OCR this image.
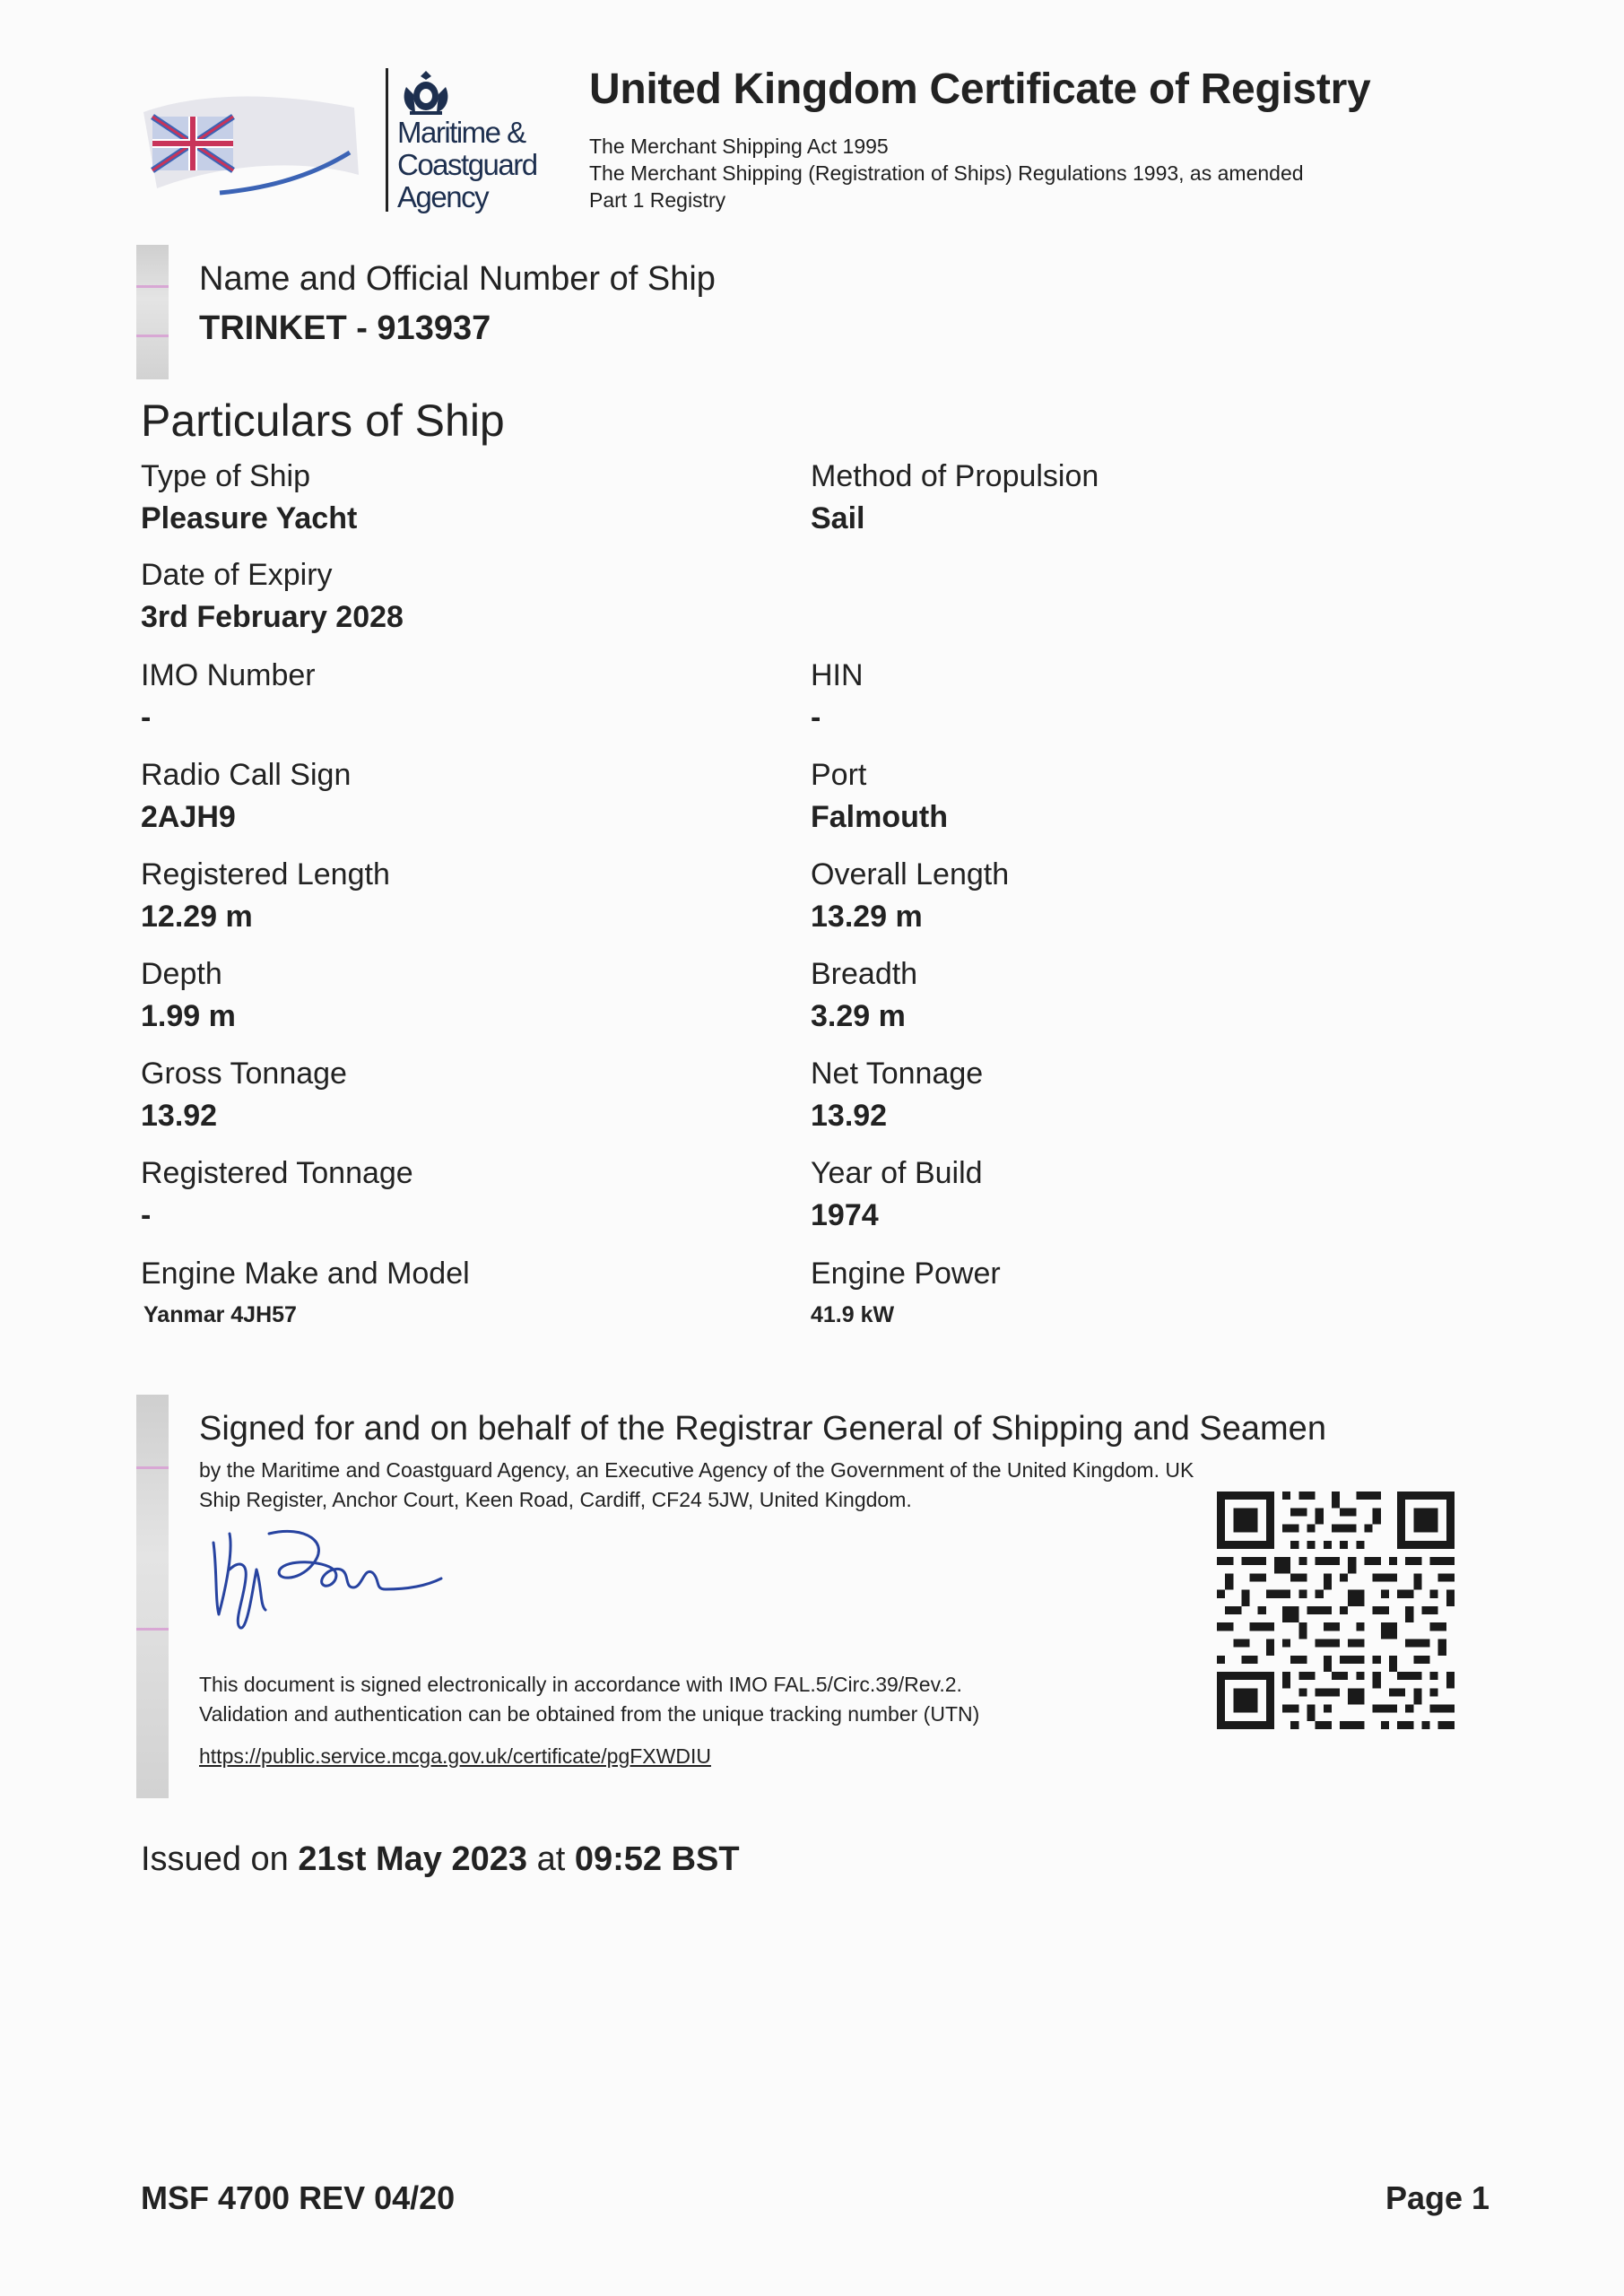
Maritime &
Coastguard
Agency
United Kingdom Certificate of Registry
The Merchant Shipping Act 1995
The Merchant Shipping (Registration of Ships) Regulations 1993, as amended
Part 1 Registry
Name and Official Number of Ship
TRINKET - 913937
Particulars of Ship
Type of Ship
Pleasure Yacht
Method of Propulsion
Sail
Date of Expiry
3rd February 2028
IMO Number
-
HIN
-
Radio Call Sign
2AJH9
Port
Falmouth
Registered Length
12.29 m
Overall Length
13.29 m
Depth
1.99 m
Breadth
3.29 m
Gross Tonnage
13.92
Net Tonnage
13.92
Registered Tonnage
-
Year of Build
1974
Engine Make and Model
Yanmar 4JH57
Engine Power
41.9 kW
Signed for and on behalf of the Registrar General of Shipping and Seamen
by the Maritime and Coastguard Agency, an Executive Agency of the Government of the United Kingdom. UK Ship Register, Anchor Court, Keen Road, Cardiff, CF24 5JW, United Kingdom.
This document is signed electronically in accordance with IMO FAL.5/Circ.39/Rev.2.
Validation and authentication can be obtained from the unique tracking number (UTN)
https://public.service.mcga.gov.uk/certificate/pgFXWDIU
Issued on 21st May 2023 at 09:52 BST
MSF 4700 REV 04/20	Page 1
